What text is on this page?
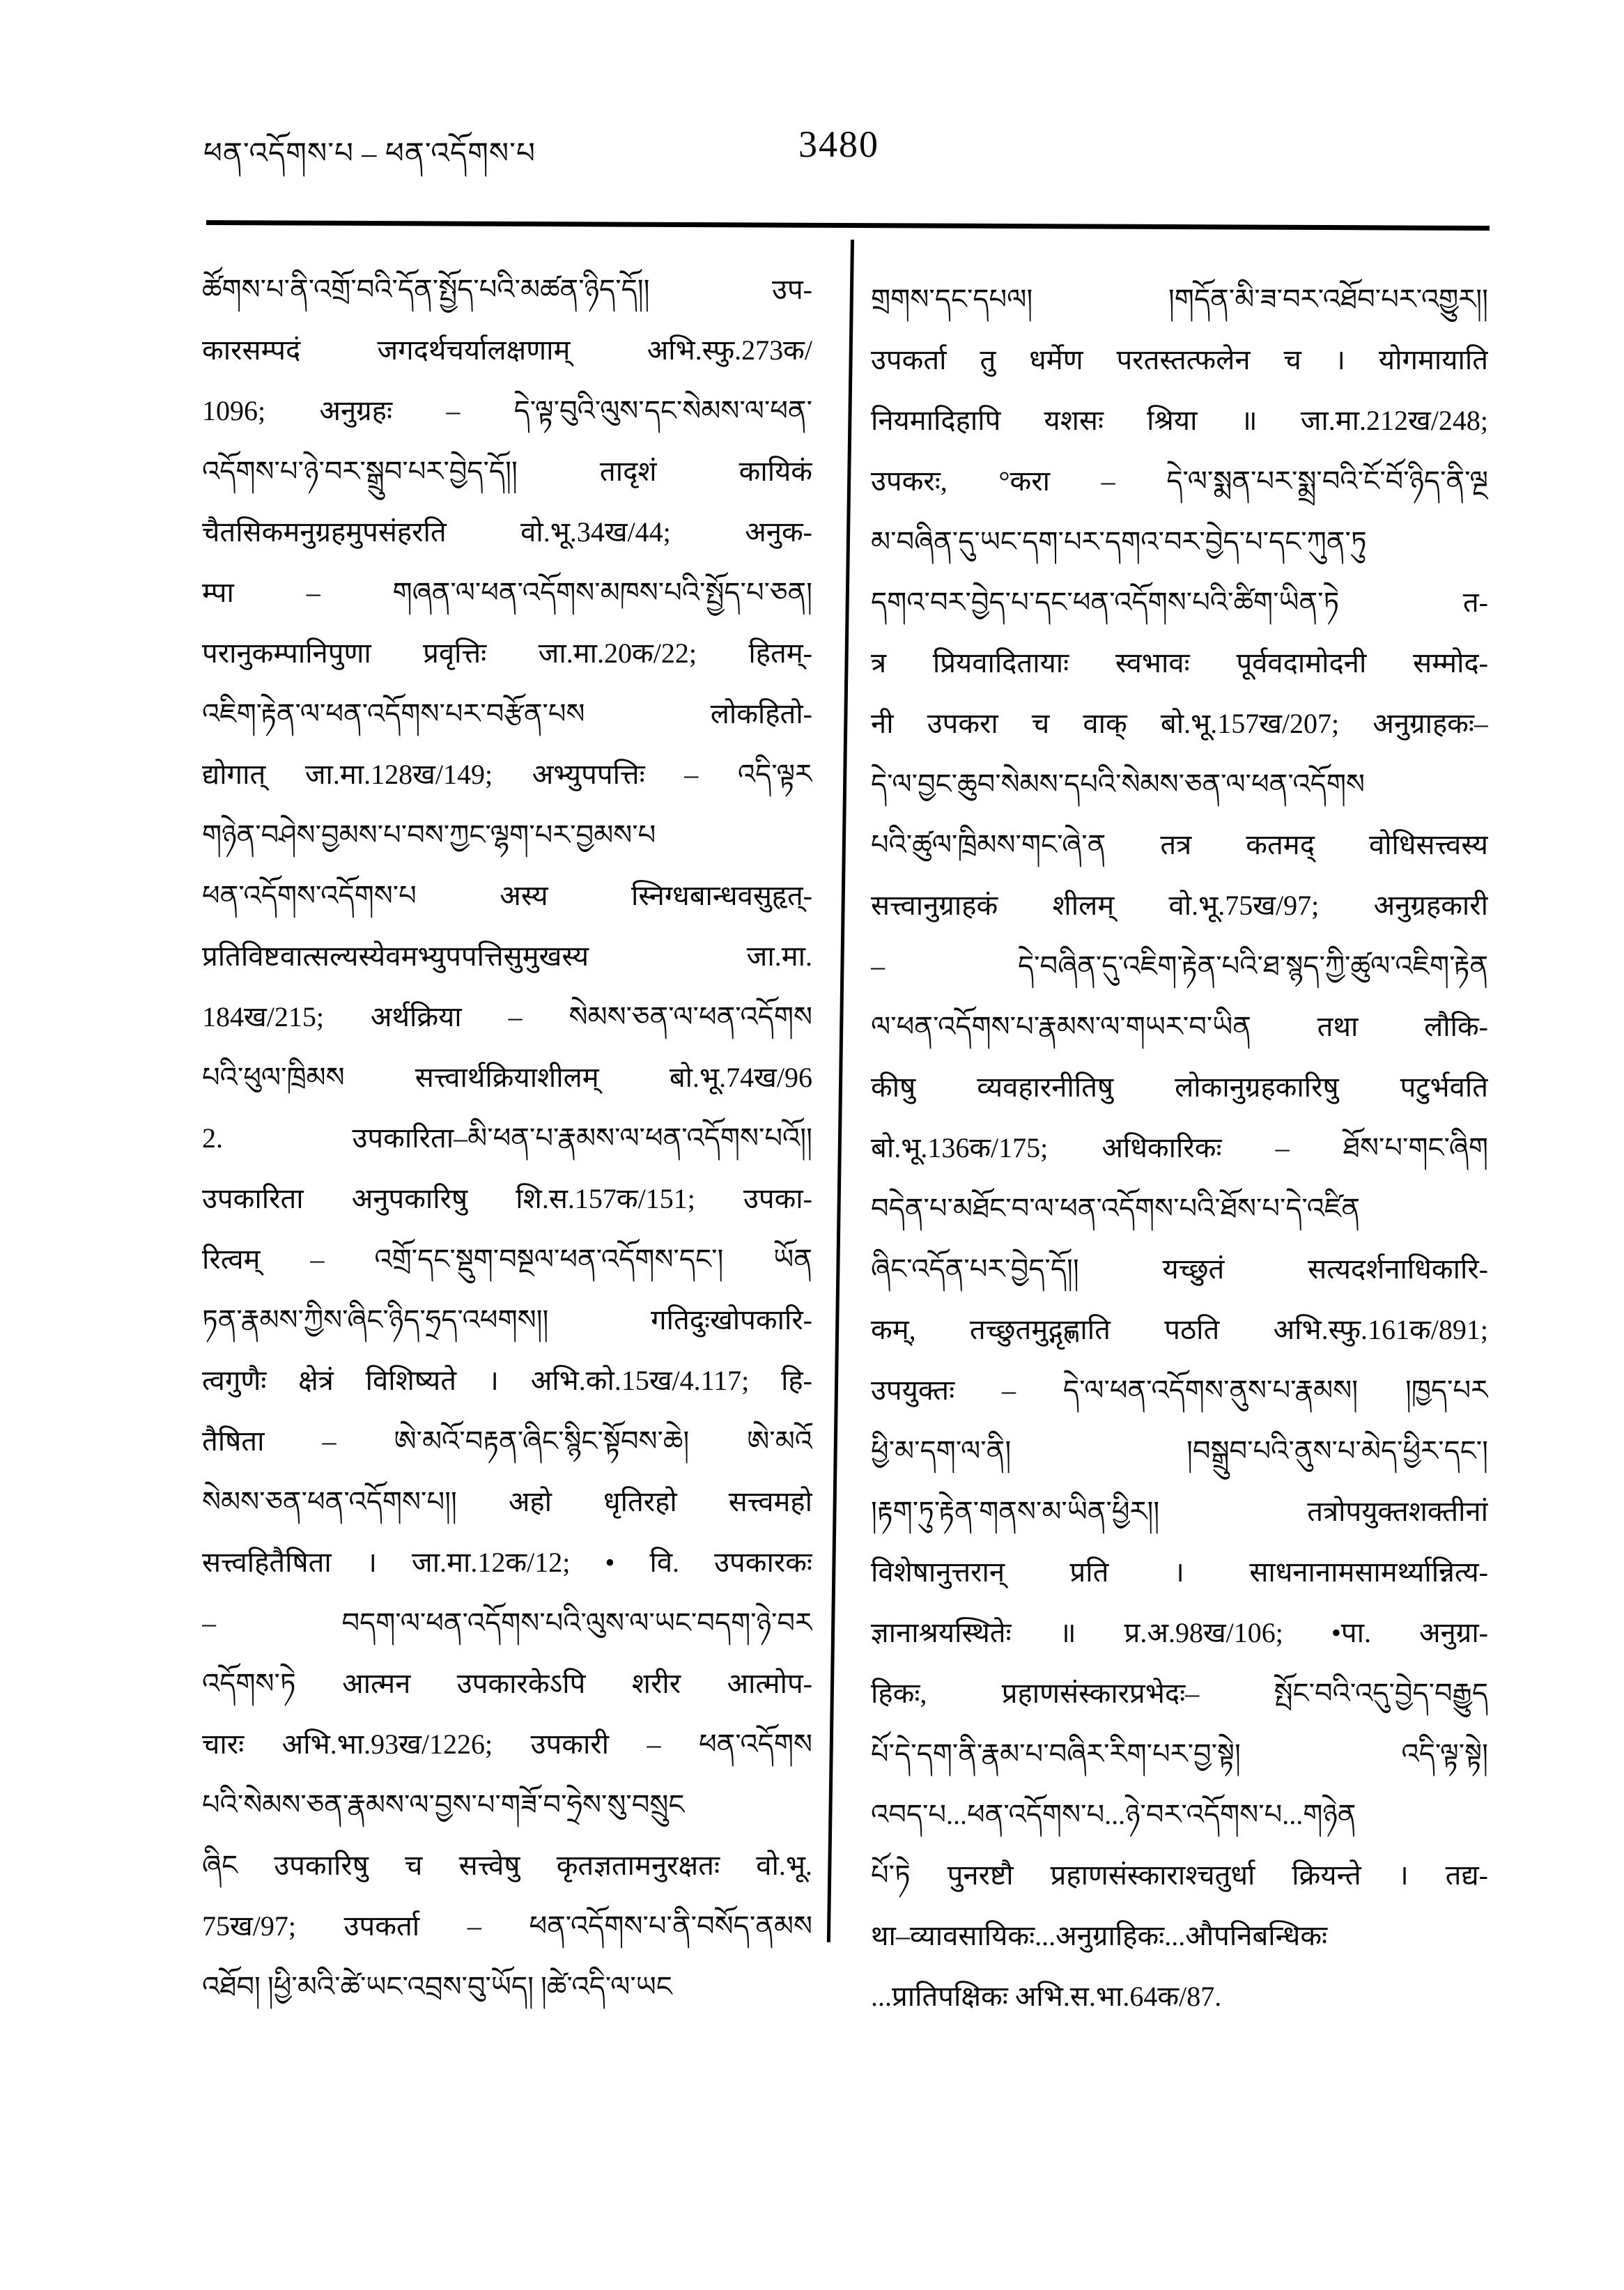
ཕན་འདོགས་པ – ཕན་འདོགས་པ	3480
ཚོགས་པ་ནི་འགྲོ་བའི་དོན་སྤྱོད་པའི་མཚན་ཉིད་དོ།། उप-
कारसम्पदं जगदर्थचर्यालक्षणाम् अभि.स्फु.273क/
1096; अनुग्रहः – དེ་ལྟ་བུའི་ལུས་དང་སེམས་ལ་ཕན་
འདོགས་པ་ཉེ་བར་སྒྲུབ་པར་བྱེད་དོ།། तादृशं कायिकं
चैतसिकमनुग्रहमुपसंहरति वो.भू.34ख/44; अनुक-
म्पा – གཞན་ལ་ཕན་འདོགས་མཁས་པའི་སྤྱོད་པ་ཅན།
परानुकम्पानिपुणा प्रवृत्तिः जा.मा.20क/22; हितम्-
འཇིག་རྟེན་ལ་ཕན་འདོགས་པར་བརྩོན་པས लोकहितो-
द्योगात् जा.मा.128ख/149; अभ्युपपत्तिः – འདི་ལྟར
གཉེན་བཤེས་བྱམས་པ་བས་ཀྱང་ལྷག་པར་བྱམས་པ
ཕན་འདོགས་འདོགས་པ अस्य स्निग्धबान्धवसुहृत्-
प्रतिविष्टवात्सल्यस्येवमभ्युपपत्तिसुमुखस्य जा.मा.
184ख/215; अर्थक्रिया – སེམས་ཅན་ལ་ཕན་འདོགས
པའི་ཕུལ་ཁྲིམས सत्त्वार्थक्रियाशीलम् बो.भू.74ख/96
2. उपकारिता–མི་ཕན་པ་རྣམས་ལ་ཕན་འདོགས་པའོ།།
उपकारिता अनुपकारिषु शि.स.157क/151; उपका-
रित्वम् – འགྲོ་དང་སྡུག་བསྔལ་ཕན་འདོགས་དང་། ཡོན
ཏན་རྣམས་ཀྱིས་ཞིང་ཉིད་ཧྲད་འཕགས།། गतिदुःखोपकारि-
त्वगुणैः क्षेत्रं विशिष्यते । अभि.को.15ख/4.117; हि-
तैषिता – ཨེ་མའོ་བརྟན་ཞིང་སྙིང་སྟོབས་ཆེ། ཨེ་མའོ
སེམས་ཅན་ཕན་འདོགས་པ།། अहो धृतिरहो सत्त्वमहो
सत्त्वहितैषिता । जा.मा.12क/12; • वि. उपकारकः
– བདག་ལ་ཕན་འདོགས་པའི་ལུས་ལ་ཡང་བདག་ཉེ་བར
འདོགས་ཏེ आत्मन उपकारकेऽपि शरीर आत्मोप-
चारः अभि.भा.93ख/1226; उपकारी – ཕན་འདོགས
པའི་སེམས་ཅན་རྣམས་ལ་བྱས་པ་གཟོ་བ་ཧྲེས་སུ་བསྲུང
ཞིང उपकारिषु च सत्त्वेषु कृतज्ञतामनुरक्षतः वो.भू.
75ख/97; उपकर्ता – ཕན་འདོགས་པ་ནི་བསོད་ནམས
འཐོབ། །ཕྱི་མའི་ཚེ་ཡང་འབྲས་བུ་ཡོད། །ཚེ་འདི་ལ་ཡང
གྲགས་དང་དཔལ། །གདོན་མི་ཟ་བར་འཐོབ་པར་འགྱུར།།
उपकर्ता तु धर्मेण परतस्तत्फलेन च । योगमायाति
नियमादिहापि यशसः श्रिया ॥ जा.मा.212ख/248;
उपकरः, °करा – དེ་ལ་སྨན་པར་སྨྲ་བའི་ངོ་བོ་ཉིད་ནི་ལྔ
མ་བཞིན་དུ་ཡང་དག་པར་དགའ་བར་བྱེད་པ་དང་ཀུན་ཏུ
དགའ་བར་བྱེད་པ་དང་ཕན་འདོགས་པའི་ཚིག་ཡིན་ཏེ त-
त्र प्रियवादितायाः स्वभावः पूर्ववदामोदनी सम्मोद-
नी उपकरा च वाक् बो.भू.157ख/207; अनुग्राहकः–
དེ་ལ་བྱང་ཆུབ་སེམས་དཔའི་སེམས་ཅན་ལ་ཕན་འདོགས
པའི་ཚུལ་ཁྲིམས་གང་ཞེ་ན तत्र कतमद् वोधिसत्त्वस्य
सत्त्वानुग्राहकं शीलम् वो.भू.75ख/97; अनुग्रहकारी
– དེ་བཞིན་དུ་འཇིག་རྟེན་པའི་ཐ་སྙད་ཀྱི་ཚུལ་འཇིག་རྟེན
ལ་ཕན་འདོགས་པ་རྣམས་ལ་གཡར་བ་ཡིན तथा लौकि-
कीषु व्यवहारनीतिषु लोकानुग्रहकारिषु पटुर्भवति
बो.भू.136क/175; अधिकारिकः – ཐོས་པ་གང་ཞིག
བདེན་པ་མཐོང་བ་ལ་ཕན་འདོགས་པའི་ཐོས་པ་དེ་འཛིན
ཞིང་འདོན་པར་བྱེད་དོ།། यच्छुतं सत्यदर्शनाधिकारि-
कम्, तच्छुतमुद्गृह्णाति पठति अभि.स्फु.161क/891;
उपयुक्तः – དེ་ལ་ཕན་འདོགས་ནུས་པ་རྣམས། །ཁྱད་པར
ཕྱི་མ་དག་ལ་ནི། །བསྒྲུབ་པའི་ནུས་པ་མེད་ཕྱིར་དང་།
།རྟག་ཏུ་རྟེན་གནས་མ་ཡིན་ཕྱིར།། तत्रोपयुक्तशक्तीनां
विशेषानुत्तरान् प्रति । साधनानामसामर्थ्यान्नित्य-
ज्ञानाश्रयस्थितेः ॥ प्र.अ.98ख/106; •पा. अनुग्रा-
हिकः, प्रहाणसंस्कारप्रभेदः– སྤོང་བའི་འདུ་བྱེད་བརྒྱུད
པོ་དེ་དག་ནི་རྣམ་པ་བཞིར་རིག་པར་བྱ་སྟེ། འདི་ལྟ་སྟེ།
འབད་པ...ཕན་འདོགས་པ...ཉེ་བར་འདོགས་པ...གཉེན
པོ་ཏེ पुनरष्टौ प्रहाणसंस्काराश्चतुर्धा क्रियन्ते । तद्य-
था–व्यावसायिकः...अनुग्राहिकः...औपनिबन्धिकः
...प्रातिपक्षिकः अभि.स.भा.64क/87.
